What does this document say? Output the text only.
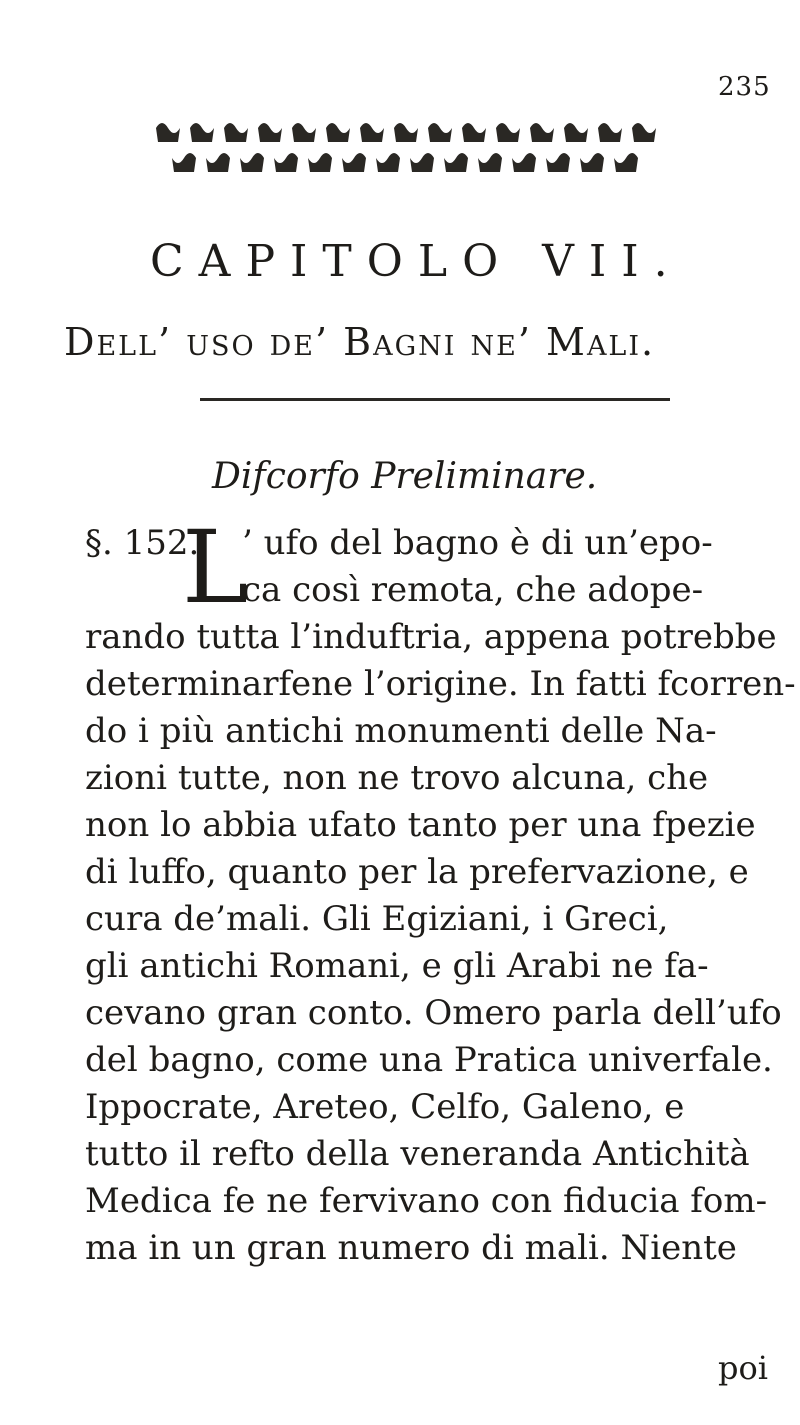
235
CAPITOLO VII.
Dell’ uso de’ Bagni ne’ Mali.
Difcorfo Preliminare.
§. 152.
L
’ ufo del bagno è di un’epo-
ca così remota, che adope-
rando tutta l’induftria, appena potrebbe
determinarfene l’origine. In fatti fcorren-
do i più antichi monumenti delle Na-
zioni tutte, non ne trovo alcuna, che
non lo abbia ufato tanto per una fpezie
di luffo, quanto per la prefervazione, e
cura de’mali. Gli Egiziani, i Greci,
gli antichi Romani, e gli Arabi ne fa-
cevano gran conto. Omero parla dell’ufo
del bagno, come una Pratica univerfale.
Ippocrate, Areteo, Celfo, Galeno, e
tutto il refto della veneranda Antichità
Medica fe ne fervivano con fiducia fom-
ma in un gran numero di mali. Niente
poi
